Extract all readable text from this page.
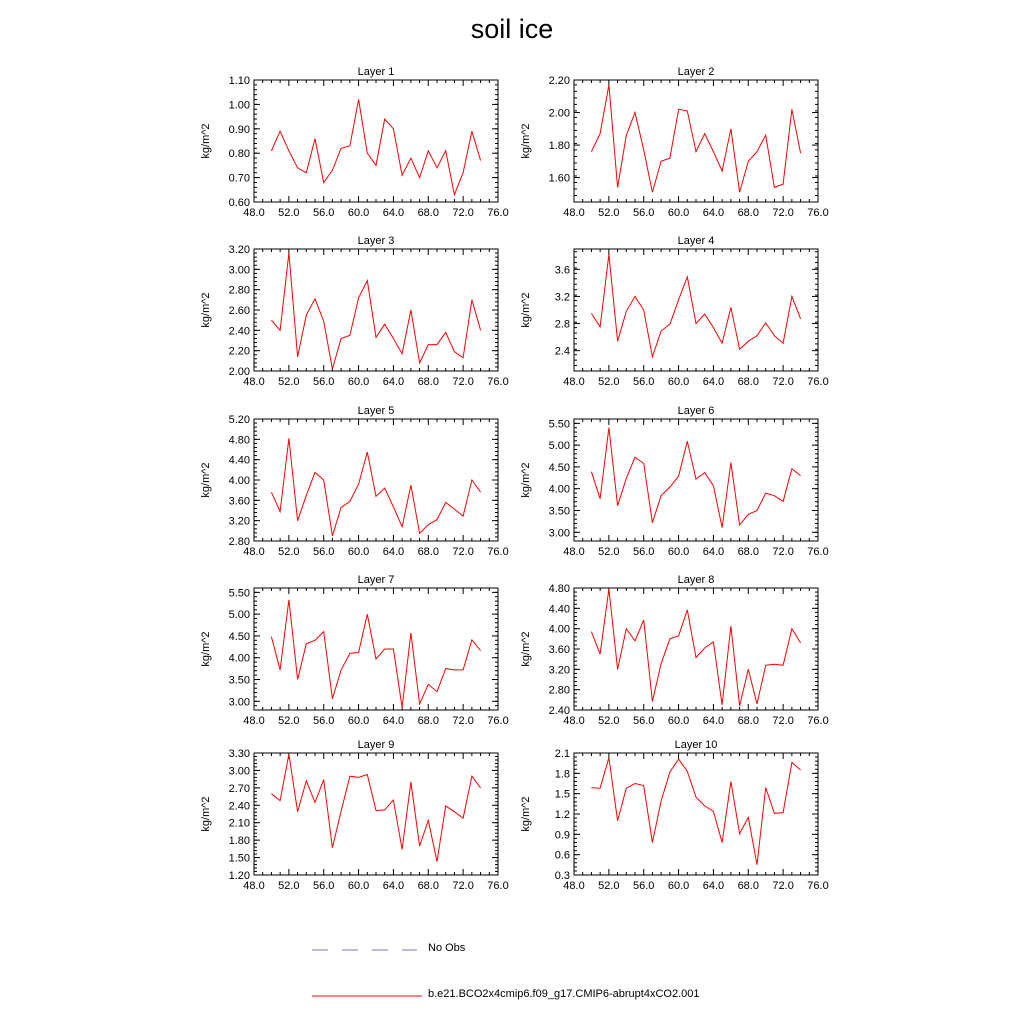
soil ice
Layer 1
kg/m^2
48.0 52.0 56.0 60.0 64.0 68.0 72.0 76.0
0.60
0.70
0.80
0.90
1.00
1.10
Layer 2
kg/m^2
48.0 52.0 56.0 60.0 64.0 68.0 72.0 76.0
1.60
1.80
2.00
2.20
Layer 3
kg/m^2
48.0 52.0 56.0 60.0 64.0 68.0 72.0 76.0
2.00
2.20
2.40
2.60
2.80
3.00
3.20
Layer 4
kg/m^2
48.0 52.0 56.0 60.0 64.0 68.0 72.0 76.0
2.4
2.8
3.2
3.6
Layer 5
kg/m^2
48.0 52.0 56.0 60.0 64.0 68.0 72.0 76.0
2.80
3.20
3.60
4.00
4.40
4.80
5.20
Layer 6
kg/m^2
48.0 52.0 56.0 60.0 64.0 68.0 72.0 76.0
3.00
3.50
4.00
4.50
5.00
5.50
Layer 7
kg/m^2
48.0 52.0 56.0 60.0 64.0 68.0 72.0 76.0
3.00
3.50
4.00
4.50
5.00
5.50
Layer 8
kg/m^2
48.0 52.0 56.0 60.0 64.0 68.0 72.0 76.0
2.40
2.80
3.20
3.60
4.00
4.40
4.80
Layer 9
kg/m^2
48.0 52.0 56.0 60.0 64.0 68.0 72.0 76.0
1.20
1.50
1.80
2.10
2.40
2.70
3.00
3.30
Layer 10
kg/m^2
48.0 52.0 56.0 60.0 64.0 68.0 72.0 76.0
0.3
0.6
0.9
1.2
1.5
1.8
2.1
No Obs
b.e21.BCO2x4cmip6.f09_g17.CMIP6-abrupt4xCO2.001
